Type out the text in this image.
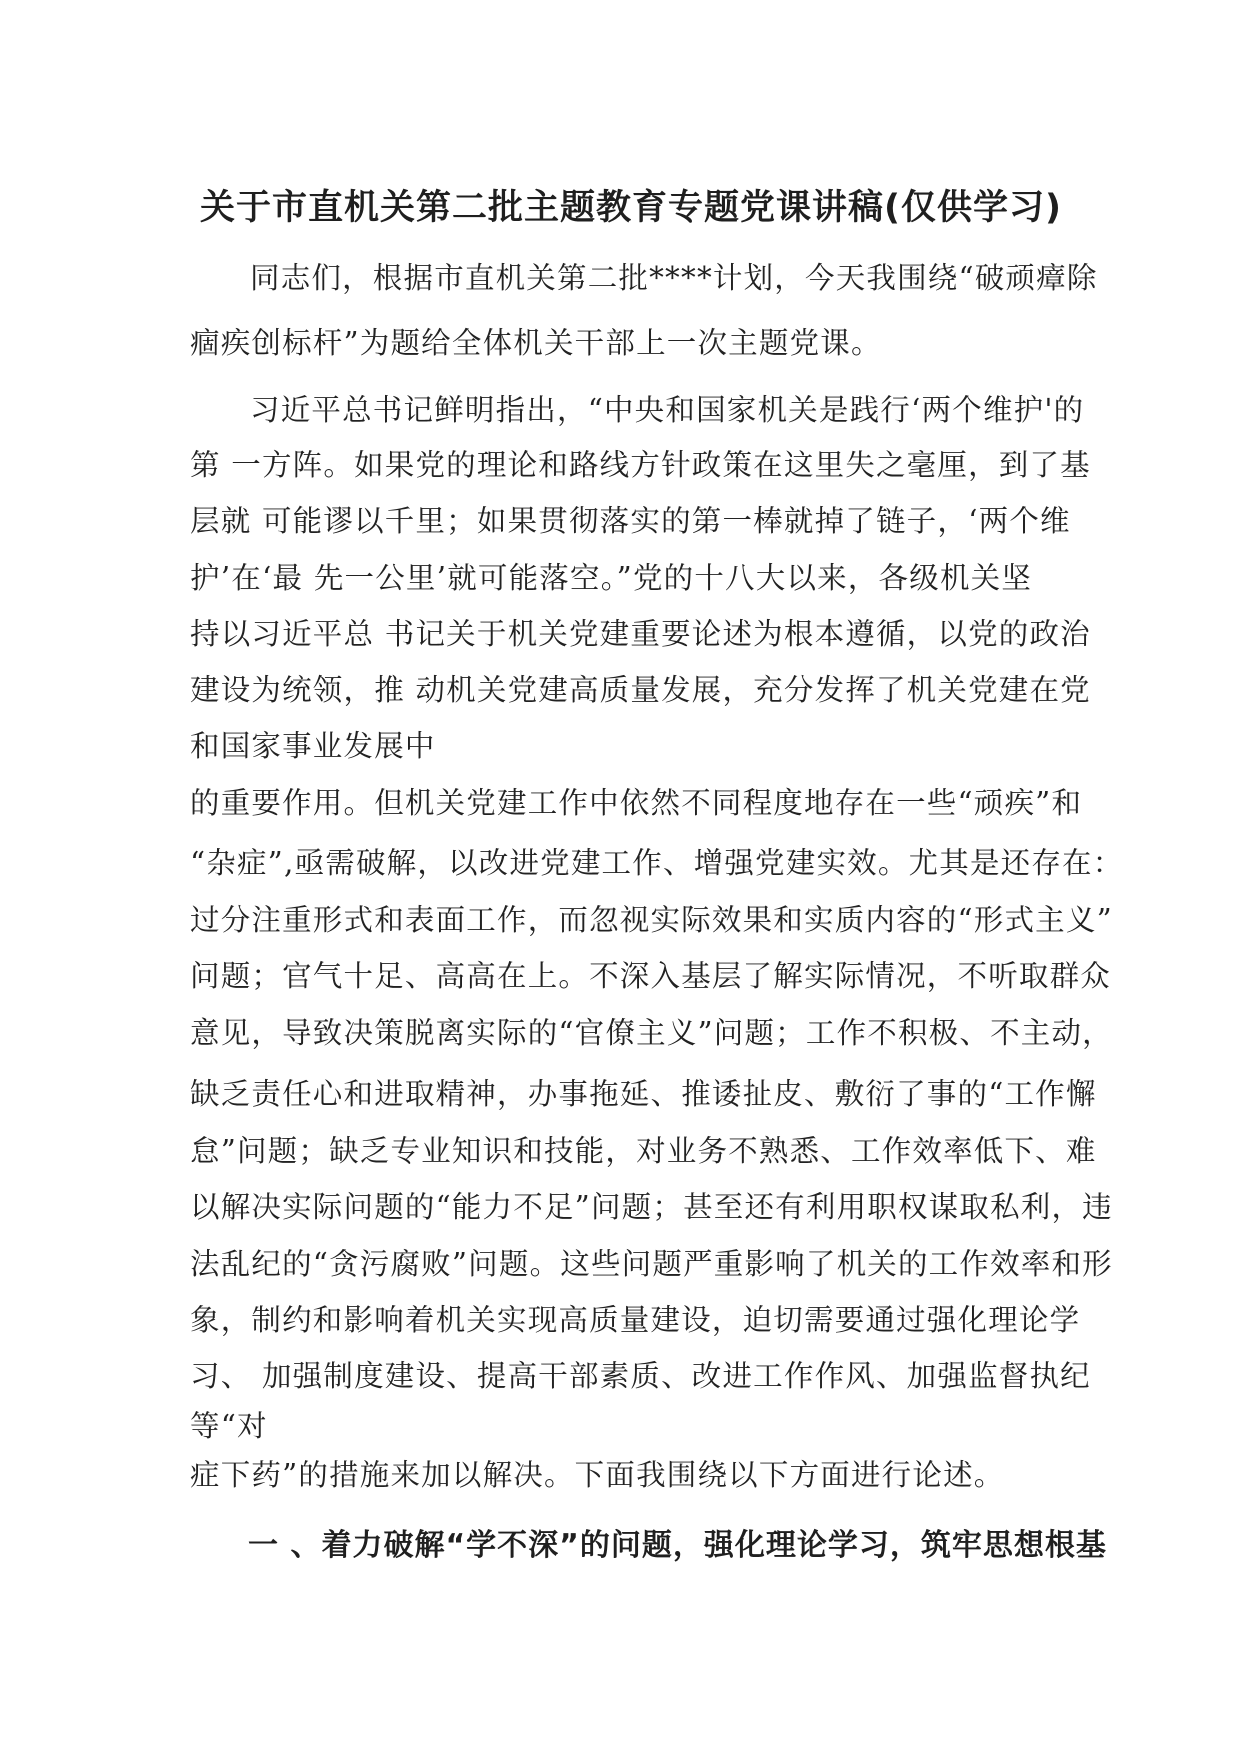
关于市直机关第二批主题教育专题党课讲稿(仅供学习)
同志们，根据市直机关第二批****计划，今天我围绕“破顽瘴除
痼疾创标杆”为题给全体机关干部上一次主题党课。
习近平总书记鲜明指出，“中央和国家机关是践行‘两个维护'的
第 一方阵。如果党的理论和路线方针政策在这里失之毫厘，到了基
层就 可能谬以千里；如果贯彻落实的第一棒就掉了链子，‘两个维
护’在‘最 先一公里’就可能落空。”党的十八大以来，各级机关坚
持以习近平总 书记关于机关党建重要论述为根本遵循，以党的政治
建设为统领，推 动机关党建高质量发展，充分发挥了机关党建在党
和国家事业发展中
的重要作用。但机关党建工作中依然不同程度地存在一些“顽疾”和
“杂症”,亟需破解，以改进党建工作、增强党建实效。尤其是还存在：
过分注重形式和表面工作，而忽视实际效果和实质内容的“形式主义”
问题；官气十足、高高在上。不深入基层了解实际情况，不听取群众
意见，导致决策脱离实际的“官僚主义”问题；工作不积极、不主动，
缺乏责任心和进取精神，办事拖延、推诿扯皮、敷衍了事的“工作懈
怠”问题；缺乏专业知识和技能，对业务不熟悉、工作效率低下、难
以解决实际问题的“能力不足”问题；甚至还有利用职权谋取私利，违
法乱纪的“贪污腐败”问题。这些问题严重影响了机关的工作效率和形
象，制约和影响着机关实现高质量建设，迫切需要通过强化理论学
习、 加强制度建设、提高干部素质、改进工作作风、加强监督执纪
等“对
症下药”的措施来加以解决。下面我围绕以下方面进行论述。
一 、着力破解“学不深”的问题，强化理论学习，筑牢思想根基
